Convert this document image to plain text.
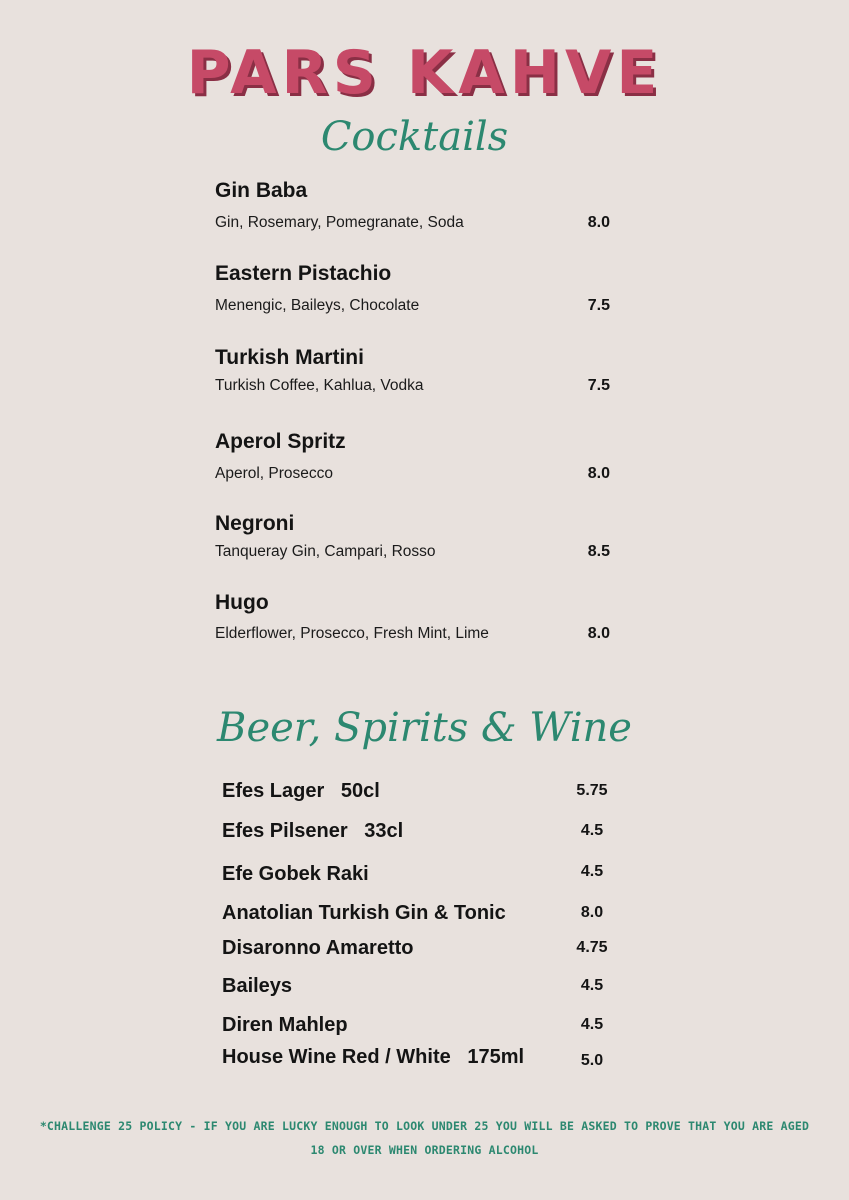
PARS KAHVE
Cocktails
Gin Baba
Gin, Rosemary, Pomegranate, Soda	8.0
Eastern Pistachio
Menengic, Baileys, Chocolate	7.5
Turkish Martini
Turkish Coffee, Kahlua, Vodka	7.5
Aperol Spritz
Aperol, Prosecco	8.0
Negroni
Tanqueray Gin, Campari, Rosso	8.5
Hugo
Elderflower, Prosecco, Fresh Mint, Lime	8.0
Beer, Spirits & Wine
Efes Lager   50cl	5.75
Efes Pilsener   33cl	4.5
Efe Gobek Raki	4.5
Anatolian Turkish Gin & Tonic	8.0
Disaronno Amaretto	4.75
Baileys	4.5
Diren Mahlep	4.5
House Wine Red / White   175ml	5.0
*CHALLENGE 25 POLICY - IF YOU ARE LUCKY ENOUGH TO LOOK UNDER 25 YOU WILL BE ASKED TO PROVE THAT YOU ARE AGED 18 OR OVER WHEN ORDERING ALCOHOL
